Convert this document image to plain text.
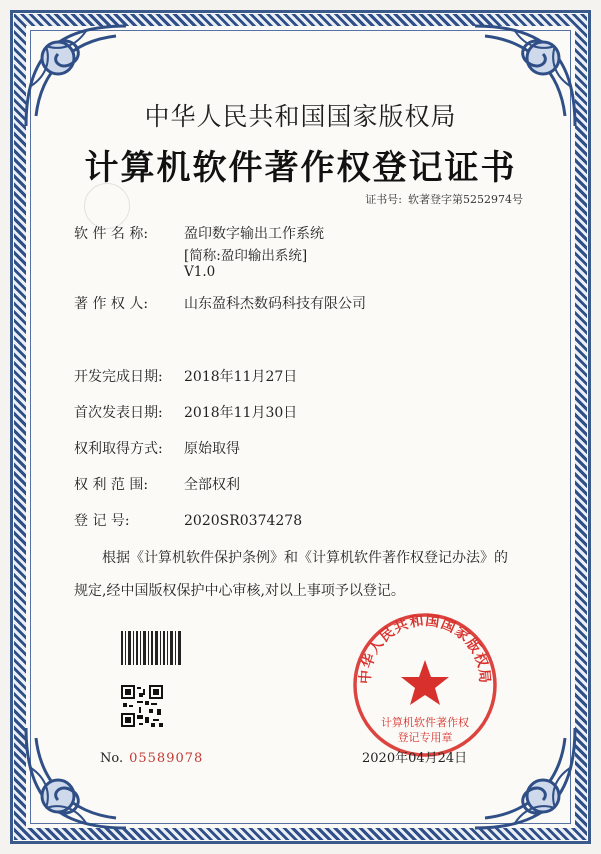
中华人民共和国国家版权局
计算机软件著作权登记证书
证书号: 软著登字第5252974号
软 件 名 称:	盈印数字输出工作系统
[简称:盈印输出系统]
V1.0
著 作 权 人:	山东盈科杰数码科技有限公司
开发完成日期: 2018年11月27日
首次发表日期: 2018年11月30日
权利取得方式: 原始取得
权 利 范 围:	全部权利
登 记 号:	2020SR0374278
根据《计算机软件保护条例》和《计算机软件著作权登记办法》的
规定,经中国版权保护中心审核,对以上事项予以登记。
No. 05589078
中华人民共和国国家版权局
计算机软件著作权
登记专用章
2020年04月24日
